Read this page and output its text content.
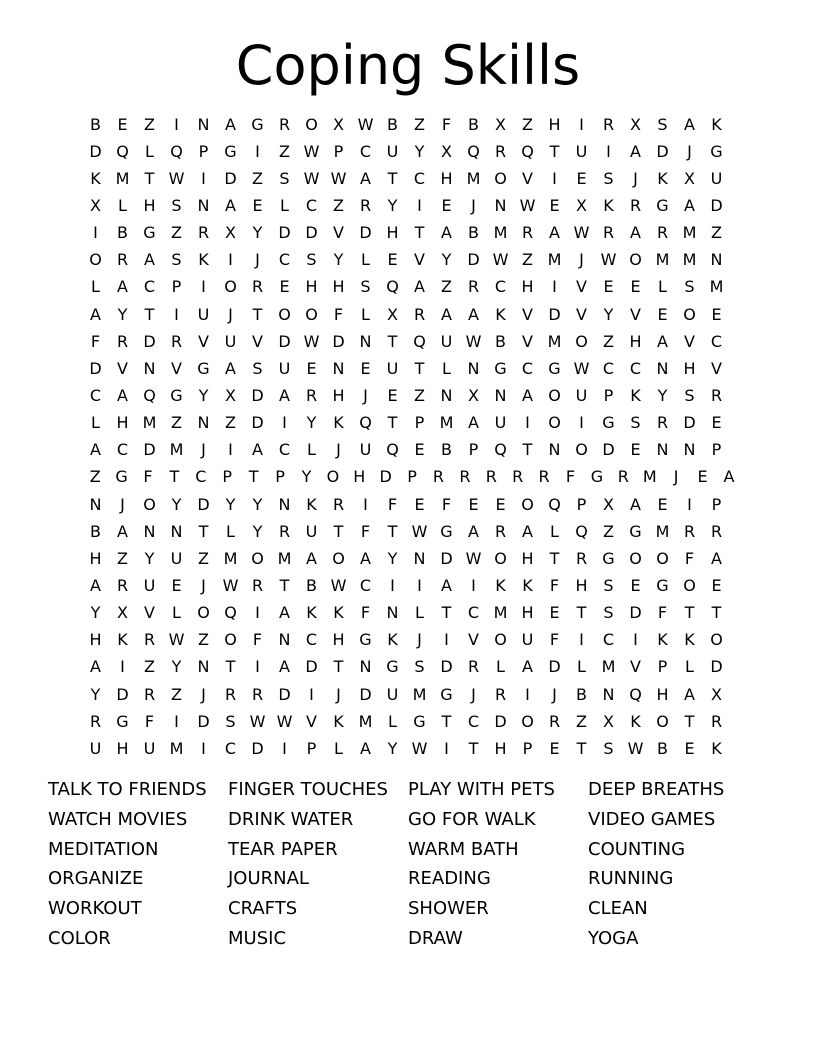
Coping Skills
B	E	Z	I	N A G R O X W B	Z	F	B	X	Z H	I	R X	S	A	K
D Q	L	Q P G	I	Z W P	C U	Y	X Q R Q T	U	I	A D	J	G
K M T W	I	D Z	S W W A	T	C H M O V	I	E	S	J	K	X U
X	L	H S N A	E	L	C Z R	Y	I	E	J	N W E	X	K	R G A D
I	B G Z R X	Y D D V D H	T	A	B M R A W R A R M Z
O R A	S	K	I	J	C	S	Y	L	E	V	Y D W Z M	J	W O M M N
L	A C	P	I	O R	E H H S Q A	Z R C H	I	V	E	E	L	S M
A	Y	T	I	U	J	T O O	F	L	X R A	A	K	V D V	Y	V	E O E
F	R D R V U V D W D N	T Q U W B	V M O Z H A	V C
D V N V G A	S	U	E N E	U	T	L	N G C G W C C N H V
C A Q G Y	X D A R H	J	E	Z N X N A O U	P	K	Y	S	R
L	H M Z N Z D	I	Y	K Q T	P M A U	I	O	I	G S	R D E
A C D M	J	I	A C	L	J	U Q E	B	P Q T	N O D E N N	P
Z G F	T C	P	T	P	Y O H D P	R R R R R	F G R M	J	E A
N	J	O Y D Y	Y	N K	R	I	F	E	F	E	E O Q P	X	A	E	I	P
B	A N N	T	L	Y	R U	T	F	T W G A R A	L	Q Z G M R R
H Z	Y	U Z M O M A O A	Y	N D W O H	T	R G O O	F	A
A R U	E	J	W R	T	B W C	I	I	A	I	K	K	F	H S	E G O E
Y	X	V	L	O Q	I	A	K	K	F	N	L	T	C M H E	T	S D	F	T	T
H K	R W Z O	F	N C H G K	J	I	V O U	F	I	C	I	K	K O
A	I	Z	Y	N	T	I	A D T	N G S D R	L	A D	L M V	P	L	D
Y D R Z	J	R R D	I	J	D U M G	J	R	I	J	B N Q H A	X
R G	F	I	D S W W V	K M L	G T	C D O R Z	X	K O T	R
U H U M	I	C D	I	P	L	A	Y W	I	T	H	P	E	T	S W B	E	K
TALK TO FRIENDS	FINGER TOUCHES	PLAY WITH PETS	DEEP BREATHS
WATCH MOVIES	DRINK WATER	GO FOR WALK	VIDEO GAMES
MEDITATION	TEAR PAPER	WARM BATH	COUNTING
ORGANIZE	JOURNAL	READING	RUNNING
WORKOUT	CRAFTS	SHOWER	CLEAN
COLOR	MUSIC	DRAW	YOGA
